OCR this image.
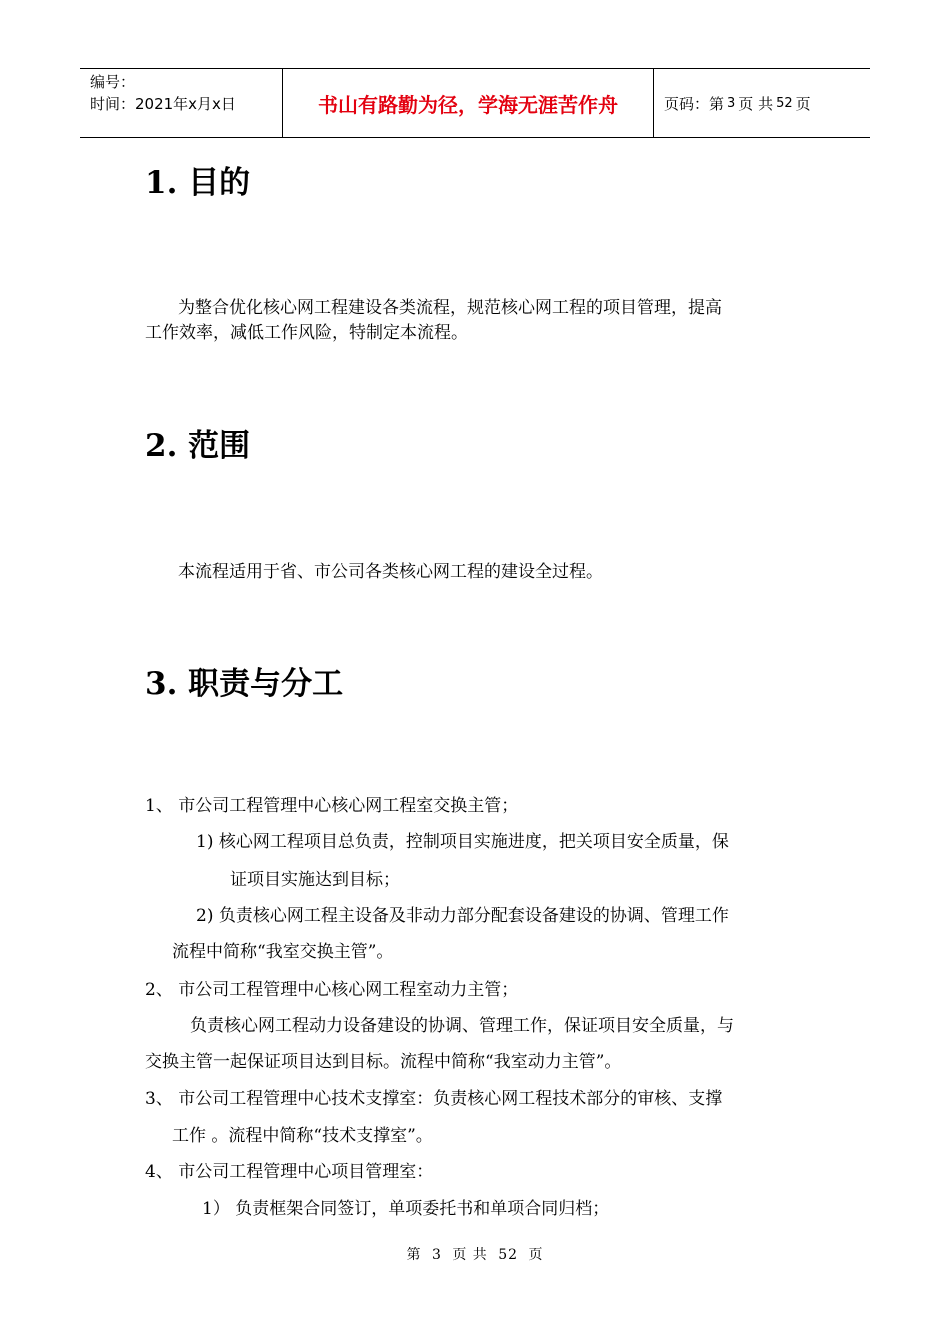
编号：
时间：2021年x月x日	书山有路勤为径，学海无涯苦作舟	页码：第 3 页 共 52 页
1. 目的
为整合优化核心网工程建设各类流程，规范核心网工程的项目管理，提高
工作效率，减低工作风险，特制定本流程。
2. 范围
本流程适用于省、市公司各类核心网工程的建设全过程。
3. 职责与分工
1、 市公司工程管理中心核心网工程室交换主管；
1) 核心网工程项目总负责，控制项目实施进度，把关项目安全质量，保
证项目实施达到目标；
2) 负责核心网工程主设备及非动力部分配套设备建设的协调、管理工作
流程中简称“我室交换主管”。
2、 市公司工程管理中心核心网工程室动力主管；
负责核心网工程动力设备建设的协调、管理工作，保证项目安全质量，与
交换主管一起保证项目达到目标。流程中简称“我室动力主管”。
3、 市公司工程管理中心技术支撑室：负责核心网工程技术部分的审核、支撑
工作 。流程中简称“技术支撑室”。
4、 市公司工程管理中心项目管理室：
1） 负责框架合同签订，单项委托书和单项合同归档；
第 3 页 共 52 页
